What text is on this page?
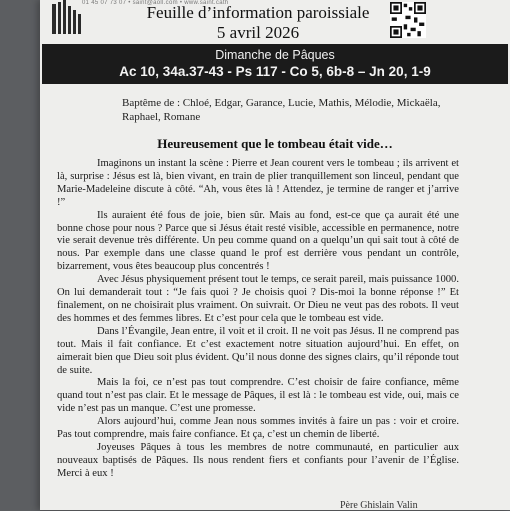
01 45 07 73 07 • saint@aoll.com • www.saint.cath
Feuille d’information paroissiale
5 avril 2026
Dimanche de Pâques
Ac 10, 34a.37-43 - Ps 117 - Co 5, 6b-8 – Jn 20, 1-9
Baptême de : Chloé, Edgar, Garance, Lucie, Mathis, Mélodie, Mickaëla, Raphael, Romane
Heureusement que le tombeau était vide…

Imaginons un instant la scène : Pierre et Jean courent vers le tombeau ; ils arrivent et là, surprise : Jésus est là, bien vivant, en train de plier tranquillement son linceul, pendant que Marie-Madeleine discute à côté. “Ah, vous êtes là ! Attendez, je termine de ranger et j’arrive !”

Ils auraient été fous de joie, bien sûr. Mais au fond, est-ce que ça aurait été une bonne chose pour nous ? Parce que si Jésus était resté visible, accessible en permanence, notre vie serait devenue très différente. Un peu comme quand on a quelqu’un qui sait tout à côté de nous. Par exemple dans une classe quand le prof est derrière vous pendant un contrôle, bizarrement, vous êtes beaucoup plus concentrés !

Avec Jésus physiquement présent tout le temps, ce serait pareil, mais puissance 1000. On lui demanderait tout : “Je fais quoi ? Je choisis quoi ? Dis-moi la bonne réponse !” Et finalement, on ne choisirait plus vraiment. On suivrait. Or Dieu ne veut pas des robots. Il veut des hommes et des femmes libres. Et c’est pour cela que le tombeau est vide.

Dans l’Évangile, Jean entre, il voit et il croit. Il ne voit pas Jésus. Il ne comprend pas tout. Mais il fait confiance. Et c’est exactement notre situation aujourd’hui. En effet, on aimerait bien que Dieu soit plus évident. Qu’il nous donne des signes clairs, qu’il réponde tout de suite.

Mais la foi, ce n’est pas tout comprendre. C’est choisir de faire confiance, même quand tout n’est pas clair. Et le message de Pâques, il est là : le tombeau est vide, oui, mais ce vide n’est pas un manque. C’est une promesse.

Alors aujourd’hui, comme Jean nous sommes invités à faire un pas : voir et croire. Pas tout comprendre, mais faire confiance. Et ça, c’est un chemin de liberté.

Joyeuses Pâques à tous les membres de notre communauté, en particulier aux nouveaux baptisés de Pâques. Ils nous rendent fiers et confiants pour l’avenir de l’Église. Merci à eux !

Père Ghislain Valin
